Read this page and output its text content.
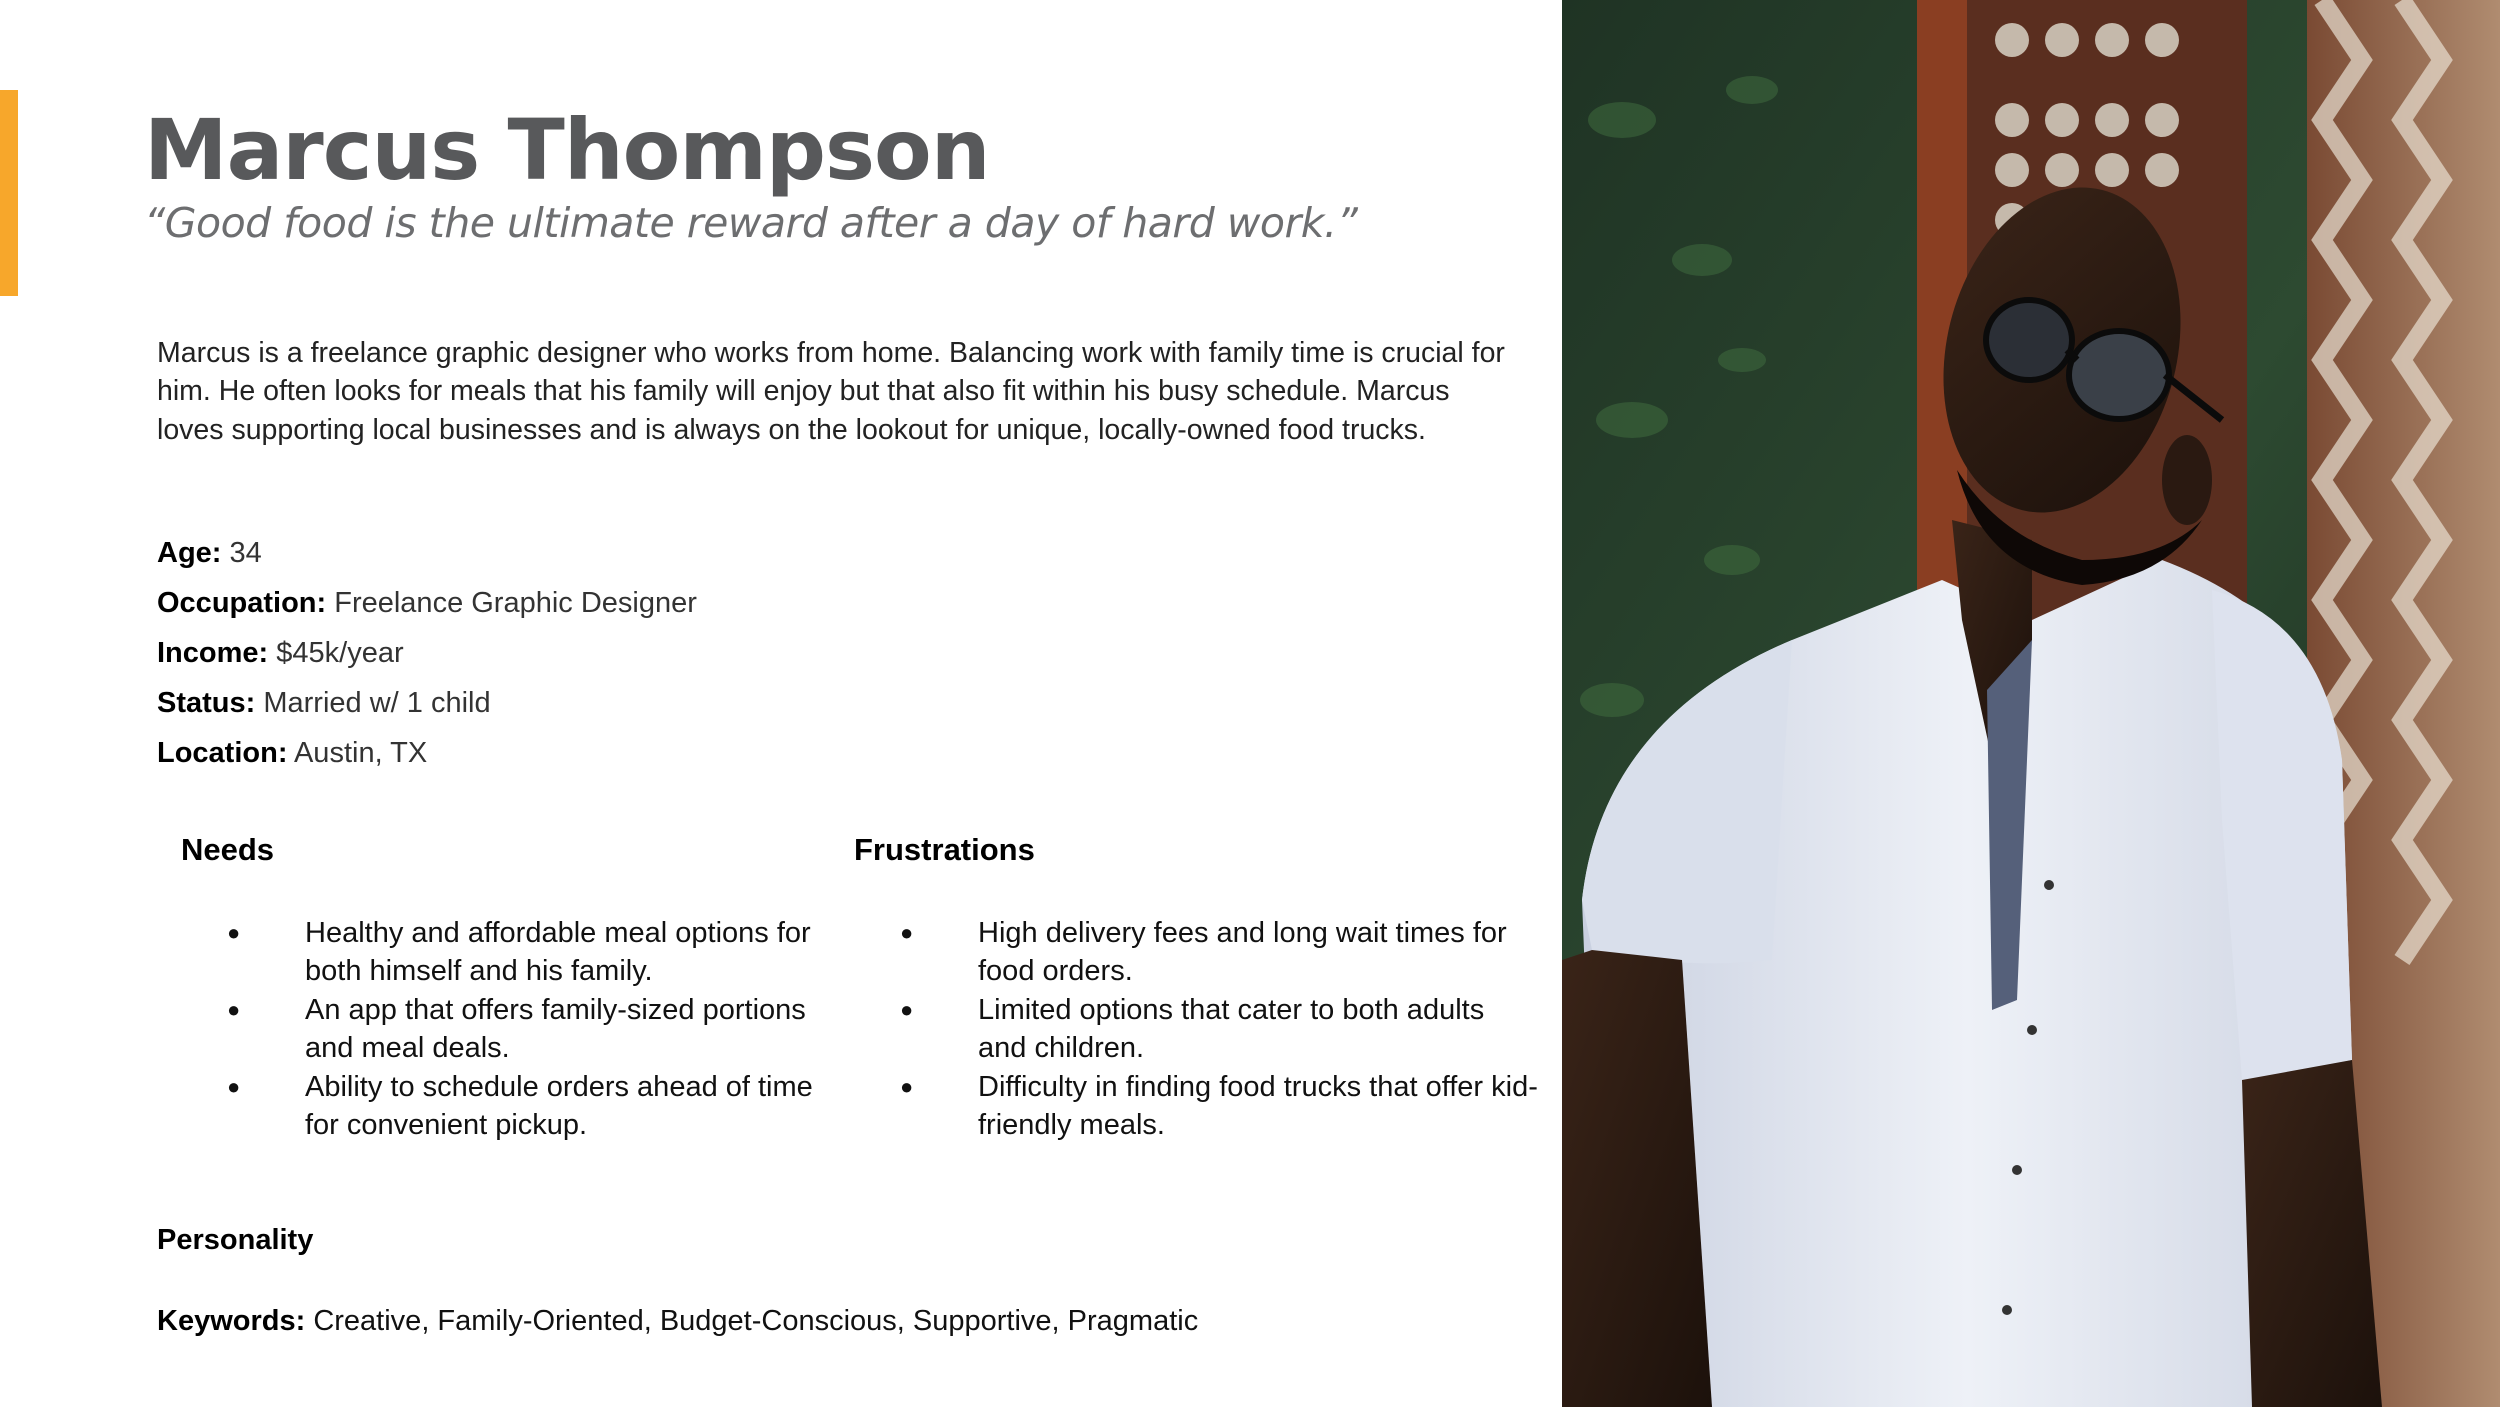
Marcus Thompson

“Good food is the ultimate reward after a day of hard work.”

Marcus is a freelance graphic designer who works from home. Balancing work with family time is crucial for him. He often looks for meals that his family will enjoy but that also fit within his busy schedule. Marcus loves supporting local businesses and is always on the lookout for unique, locally-owned food trucks.

Age: 34
Occupation: Freelance Graphic Designer
Income: $45k/year
Status: Married w/ 1 child
Location: Austin, TX
Needs
● Healthy and affordable meal options for both himself and his family.
● An app that offers family-sized portions and meal deals.
● Ability to schedule orders ahead of time for convenient pickup.
Frustrations
● High delivery fees and long wait times for food orders.
● Limited options that cater to both adults and children.
● Difficulty in finding food trucks that offer kid-friendly meals.

Personality

Keywords: Creative, Family-Oriented, Budget-Conscious, Supportive, Pragmatic
